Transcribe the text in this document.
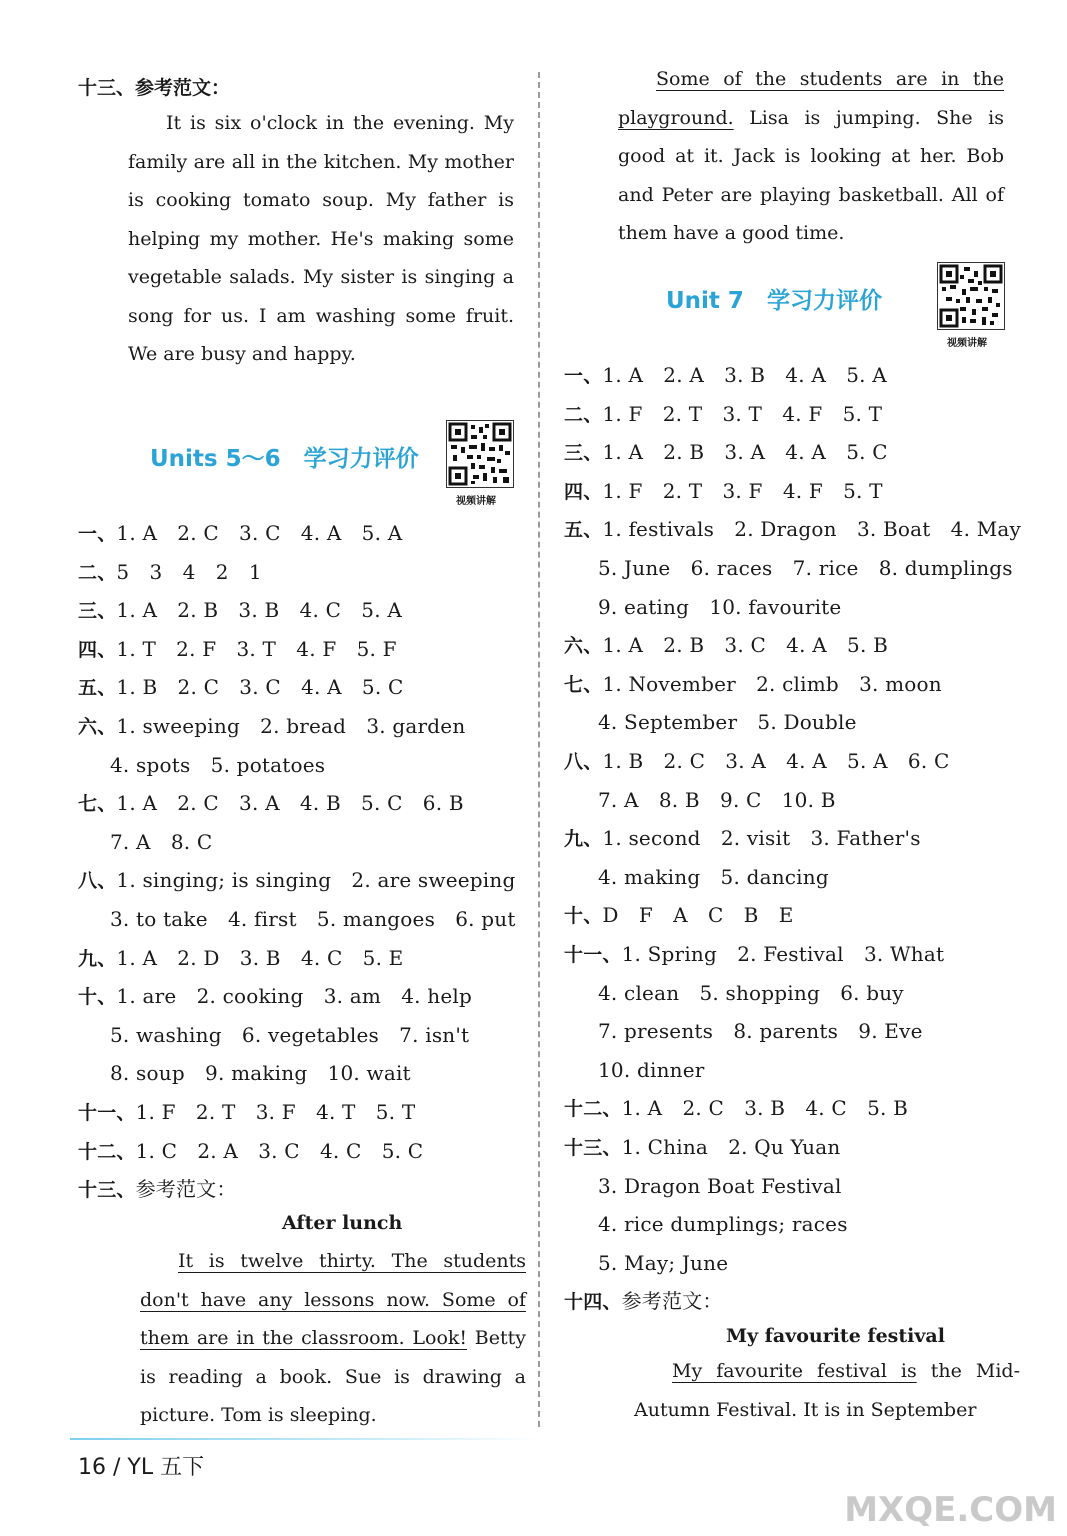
十三、参考范文：

It is six o'clock in the evening. My family are all in the kitchen. My mother is cooking tomato soup. My father is helping my mother. He's making some vegetable salads. My sister is singing a song for us. I am washing some fruit. We are busy and happy.

Units 5～6　学习力评价
视频讲解
一、1. A　2. C　3. C　4. A　5. A
二、5　3　4　2　1
三、1. A　2. B　3. B　4. C　5. A
四、1. T　2. F　3. T　4. F　5. F
五、1. B　2. C　3. C　4. A　5. C
六、1. sweeping　2. bread　3. garden
4. spots　5. potatoes
七、1. A　2. C　3. A　4. B　5. C　6. B
7. A　8. C
八、1. singing; is singing　2. are sweeping
3. to take　4. first　5. mangoes　6. put
九、1. A　2. D　3. B　4. C　5. E
十、1. are　2. cooking　3. am　4. help
5. washing　6. vegetables　7. isn't
8. soup　9. making　10. wait
十一、1. F　2. T　3. F　4. T　5. T
十二、1. C　2. A　3. C　4. C　5. C
十三、参考范文：
After lunch

It is twelve thirty. The students don't have any lessons now. Some of them are in the classroom. Look! Betty is reading a book. Sue is drawing a picture. Tom is sleeping.

16 / YL 五下

Some of the students are in the playground. Lisa is jumping. She is good at it. Jack is looking at her. Bob and Peter are playing basketball. All of them have a good time.

Unit 7　学习力评价
视频讲解
一、1. A　2. A　3. B　4. A　5. A
二、1. F　2. T　3. T　4. F　5. T
三、1. A　2. B　3. A　4. A　5. C
四、1. F　2. T　3. F　4. F　5. T
五、1. festivals　2. Dragon　3. Boat　4. May
5. June　6. races　7. rice　8. dumplings
9. eating　10. favourite
六、1. A　2. B　3. C　4. A　5. B
七、1. November　2. climb　3. moon
4. September　5. Double
八、1. B　2. C　3. A　4. A　5. A　6. C
7. A　8. B　9. C　10. B
九、1. second　2. visit　3. Father's
4. making　5. dancing
十、D　F　A　C　B　E
十一、1. Spring　2. Festival　3. What
4. clean　5. shopping　6. buy
7. presents　8. parents　9. Eve
10. dinner
十二、1. A　2. C　3. B　4. C　5. B
十三、1. China　2. Qu Yuan
3. Dragon Boat Festival
4. rice dumplings; races
5. May; June
十四、参考范文：
My favourite festival

My favourite festival is the Mid-Autumn Festival. It is in September

MXQE.COM
